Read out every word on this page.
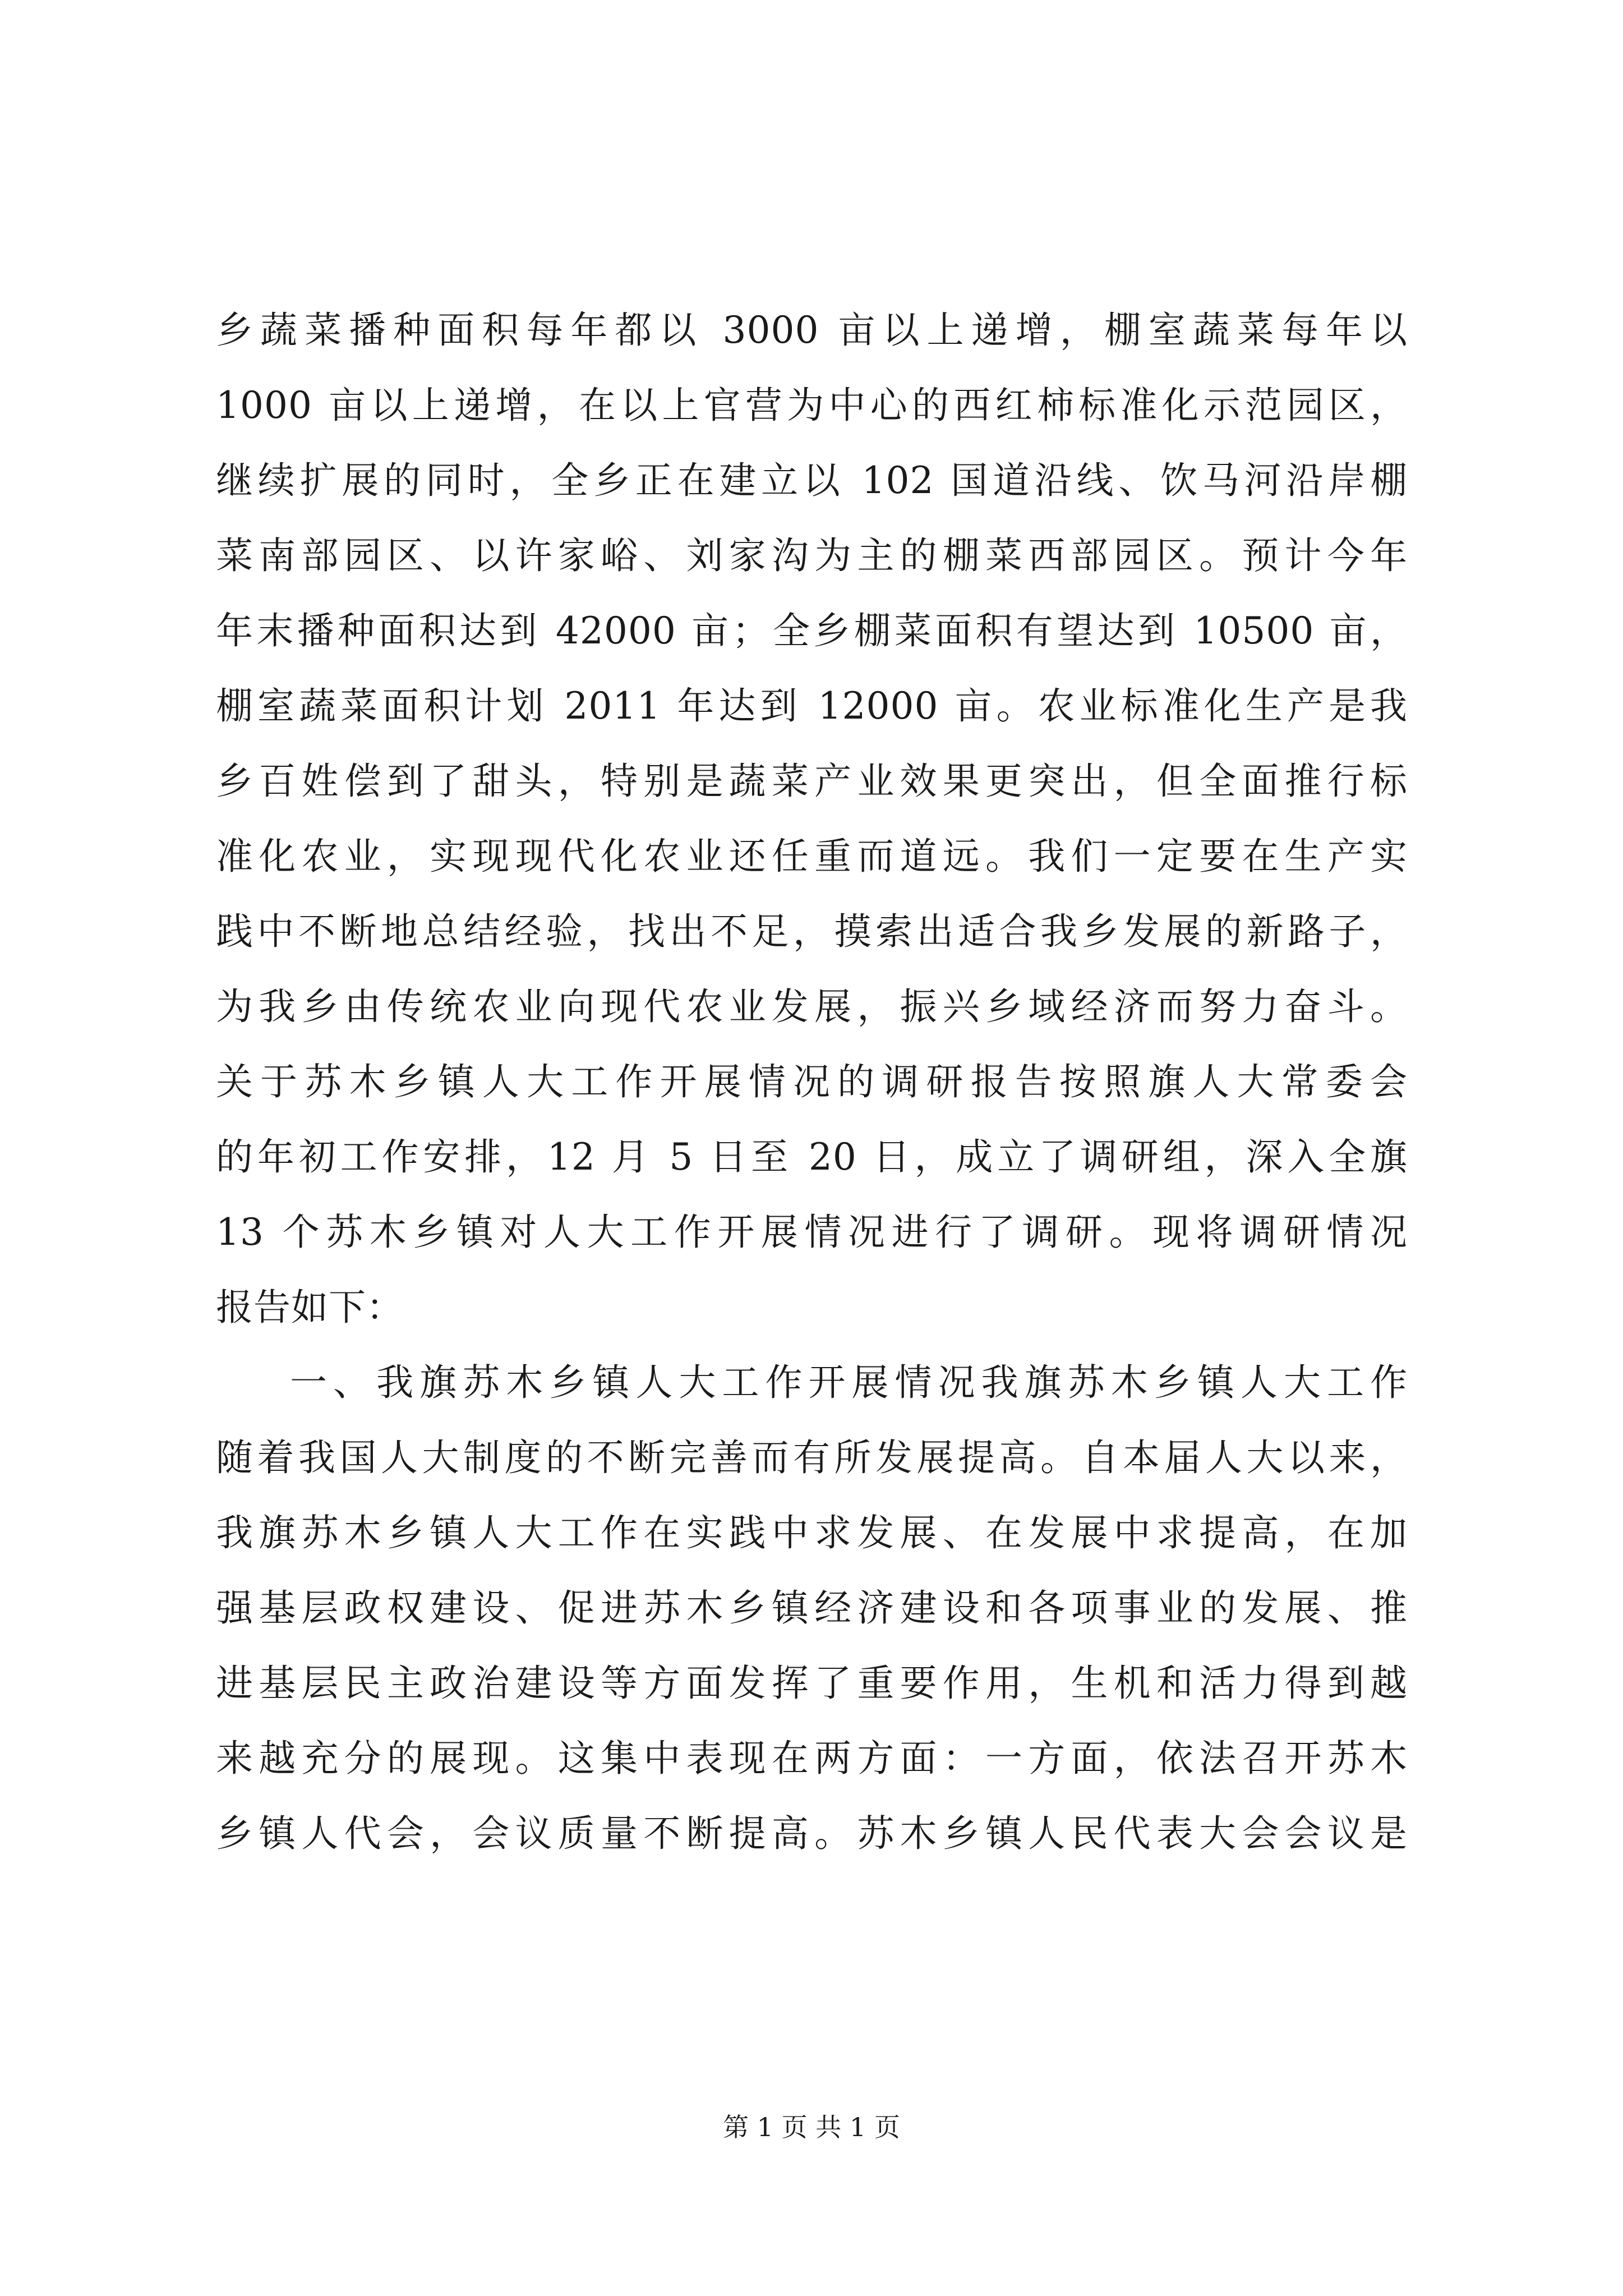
乡蔬菜播种面积每年都以 3000 亩以上递增，棚室蔬菜每年以
1000 亩以上递增，在以上官营为中心的西红柿标准化示范园区，
继续扩展的同时，全乡正在建立以 102 国道沿线、饮马河沿岸棚
菜南部园区、以许家峪、刘家沟为主的棚菜西部园区。预计今年
年末播种面积达到 42000 亩；全乡棚菜面积有望达到 10500 亩，
棚室蔬菜面积计划 2011 年达到 12000 亩。农业标准化生产是我
乡百姓偿到了甜头，特别是蔬菜产业效果更突出，但全面推行标
准化农业，实现现代化农业还任重而道远。我们一定要在生产实
践中不断地总结经验，找出不足，摸索出适合我乡发展的新路子，
为我乡由传统农业向现代农业发展，振兴乡域经济而努力奋斗。
关于苏木乡镇人大工作开展情况的调研报告按照旗人大常委会
的年初工作安排，12 月 5 日至 20 日，成立了调研组，深入全旗
13 个苏木乡镇对人大工作开展情况进行了调研。现将调研情况
报告如下：
一、我旗苏木乡镇人大工作开展情况我旗苏木乡镇人大工作
随着我国人大制度的不断完善而有所发展提高。自本届人大以来，
我旗苏木乡镇人大工作在实践中求发展、在发展中求提高，在加
强基层政权建设、促进苏木乡镇经济建设和各项事业的发展、推
进基层民主政治建设等方面发挥了重要作用，生机和活力得到越
来越充分的展现。这集中表现在两方面：一方面，依法召开苏木
乡镇人代会，会议质量不断提高。苏木乡镇人民代表大会会议是
第 1 页 共 1 页
